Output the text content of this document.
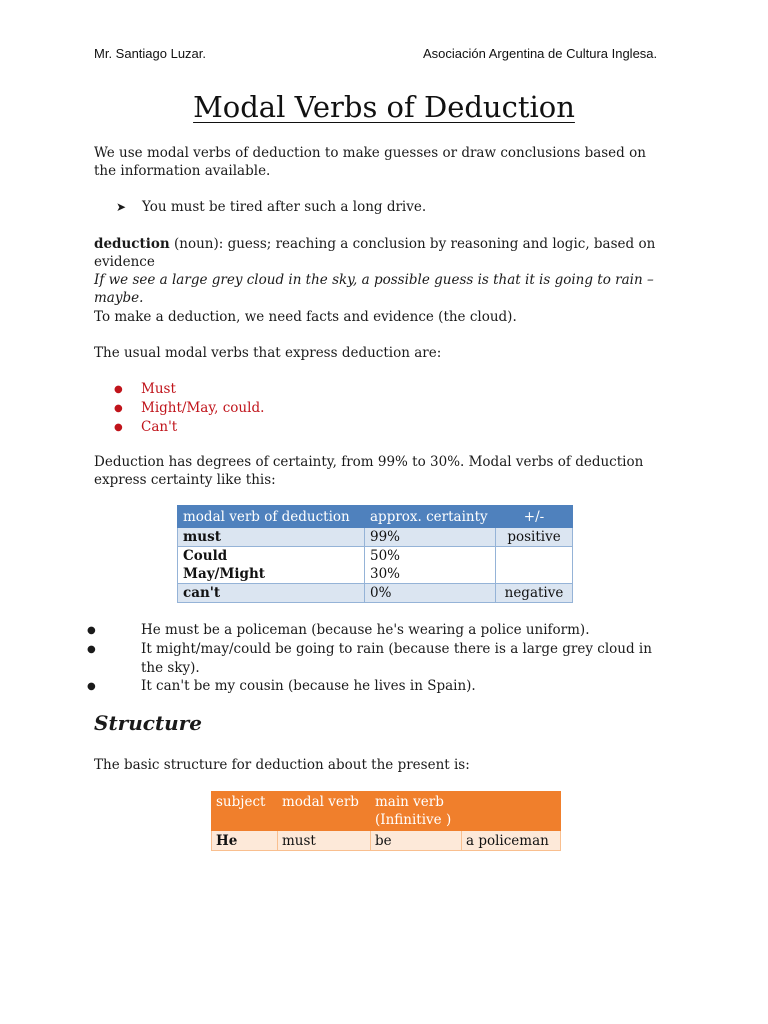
Mr. Santiago Luzar.	Asociación Argentina de Cultura Inglesa.
Modal Verbs of Deduction
We use modal verbs of deduction to make guesses or draw conclusions based on the information available.
➤ You must be tired after such a long drive.
deduction (noun): guess; reaching a conclusion by reasoning and logic, based on evidence
If we see a large grey cloud in the sky, a possible guess is that it is going to rain – maybe.
To make a deduction, we need facts and evidence (the cloud).
The usual modal verbs that express deduction are:
● Must
● Might/May, could.
● Can't
Deduction has degrees of certainty, from 99% to 30%. Modal verbs of deduction express certainty like this:
modal verb of deduction	approx. certainty	+/-
must	99%	positive
Could	50%	
May/Might	30%	
can't	0%	negative
●	He must be a policeman (because he's wearing a police uniform).
●	It might/may/could be going to rain (because there is a large grey cloud in the sky).
●	It can't be my cousin (because he lives in Spain).
Structure
The basic structure for deduction about the present is:
subject	modal verb	main verb (Infinitive )	
He	must	be	a policeman
